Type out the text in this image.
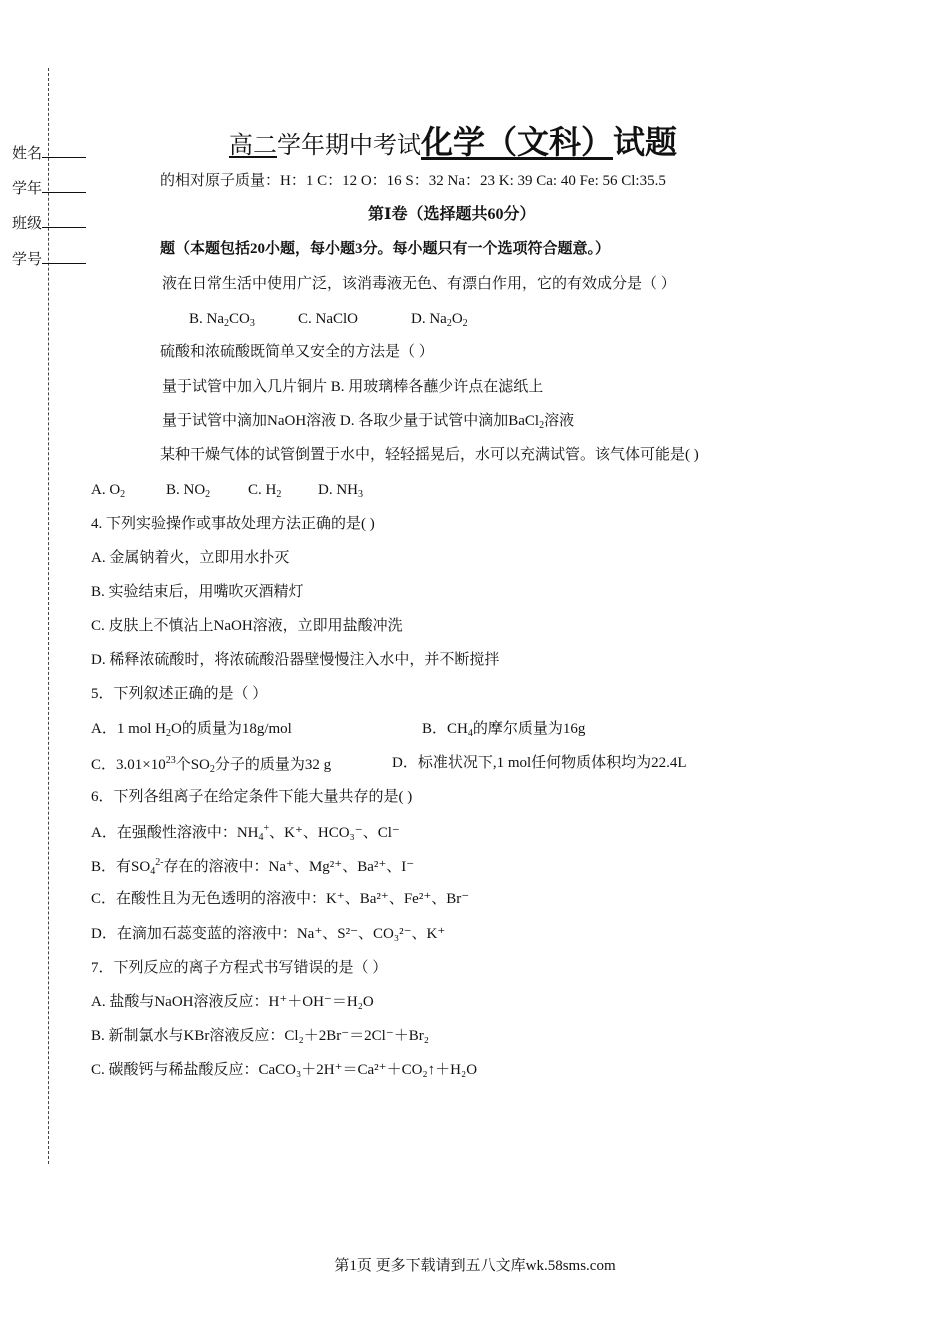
姓名
学年
班级
学号
高二学年期中考试化学（文科）试题
的相对原子质量：H：1 C：12 O：16 S：32 Na：23 K: 39 Ca: 40 Fe: 56 Cl:35.5
第Ⅰ卷（选择题共60分）
题（本题包括20小题，每小题3分。每小题只有一个选项符合题意。）
液在日常生活中使用广泛，该消毒液无色、有漂白作用，它的有效成分是（ ）
B. $Na_2CO_3$	C. NaClO	D. $Na_2O_2$
硫酸和浓硫酸既简单又安全的方法是（ ）
量于试管中加入几片铜片 B. 用玻璃棒各蘸少许点在滤纸上
量于试管中滴加NaOH溶液 D. 各取少量于试管中滴加BaCl$_2$溶液
某种干燥气体的试管倒置于水中，轻轻摇晃后，水可以充满试管。该气体可能是( )
A. $O_2$	B. $NO_2$	C. $H_2$ D. $NH_3$
4. 下列实验操作或事故处理方法正确的是( )
A. 金属钠着火，立即用水扑灭
B. 实验结束后，用嘴吹灭酒精灯
C. 皮肤上不慎沾上NaOH溶液，立即用盐酸冲洗
D. 稀释浓硫酸时，将浓硫酸沿器壁慢慢注入水中，并不断搅拌
5．下列叙述正确的是（ ）
A．1 mol $H_2O$的质量为18g/mol	B．$CH_4$的摩尔质量为16g
C．$3.01\times 10^{23}$个$SO_2$分子的质量为32 g	D．标准状况下,1 mol任何物质体积均为22.4L
6．下列各组离子在给定条件下能大量共存的是( )
A．在强酸性溶液中：$NH_4^+$、K⁺、HCO₃⁻、Cl⁻
B．有$SO_4^{2-}$存在的溶液中：Na⁺、Mg²⁺、Ba²⁺、I⁻
C．在酸性且为无色透明的溶液中：K⁺、Ba²⁺、Fe²⁺、Br⁻
D．在滴加石蕊变蓝的溶液中：Na⁺、S²⁻、CO₃²⁻、K⁺
7．下列反应的离子方程式书写错误的是（ ）
A. 盐酸与NaOH溶液反应：H⁺＋OH⁻＝H₂O
B. 新制氯水与KBr溶液反应：Cl₂＋2Br⁻＝2Cl⁻＋Br₂
C. 碳酸钙与稀盐酸反应：CaCO₃＋2H⁺＝Ca²⁺＋CO₂↑＋H₂O
第1页 更多下载请到五八文库wk.58sms.com
